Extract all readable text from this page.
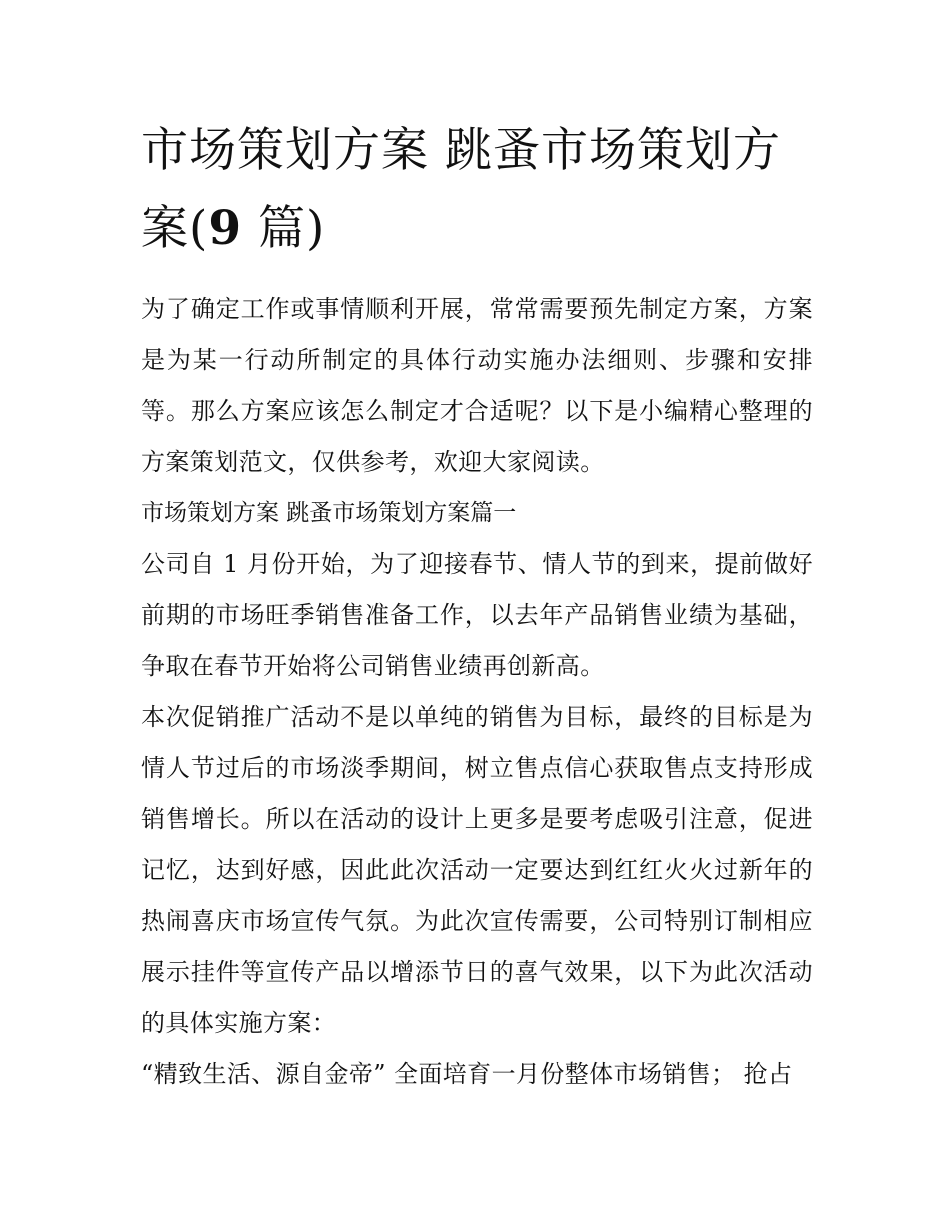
市场策划方案 跳蚤市场策划方案(9 篇)

为了确定工作或事情顺利开展，常常需要预先制定方案，方案是为某一行动所制定的具体行动实施办法细则、步骤和安排等。那么方案应该怎么制定才合适呢？以下是小编精心整理的方案策划范文，仅供参考，欢迎大家阅读。

市场策划方案 跳蚤市场策划方案篇一

公司自 1 月份开始，为了迎接春节、情人节的到来，提前做好前期的市场旺季销售准备工作，以去年产品销售业绩为基础，争取在春节开始将公司销售业绩再创新高。

本次促销推广活动不是以单纯的销售为目标，最终的目标是为情人节过后的市场淡季期间，树立售点信心获取售点支持形成销售增长。所以在活动的设计上更多是要考虑吸引注意，促进记忆，达到好感，因此此次活动一定要达到红红火火过新年的热闹喜庆市场宣传气氛。为此次宣传需要，公司特别订制相应展示挂件等宣传产品以增添节日的喜气效果，以下为此次活动的具体实施方案：

“精致生活、源自金帝” 全面培育一月份整体市场销售； 抢占
